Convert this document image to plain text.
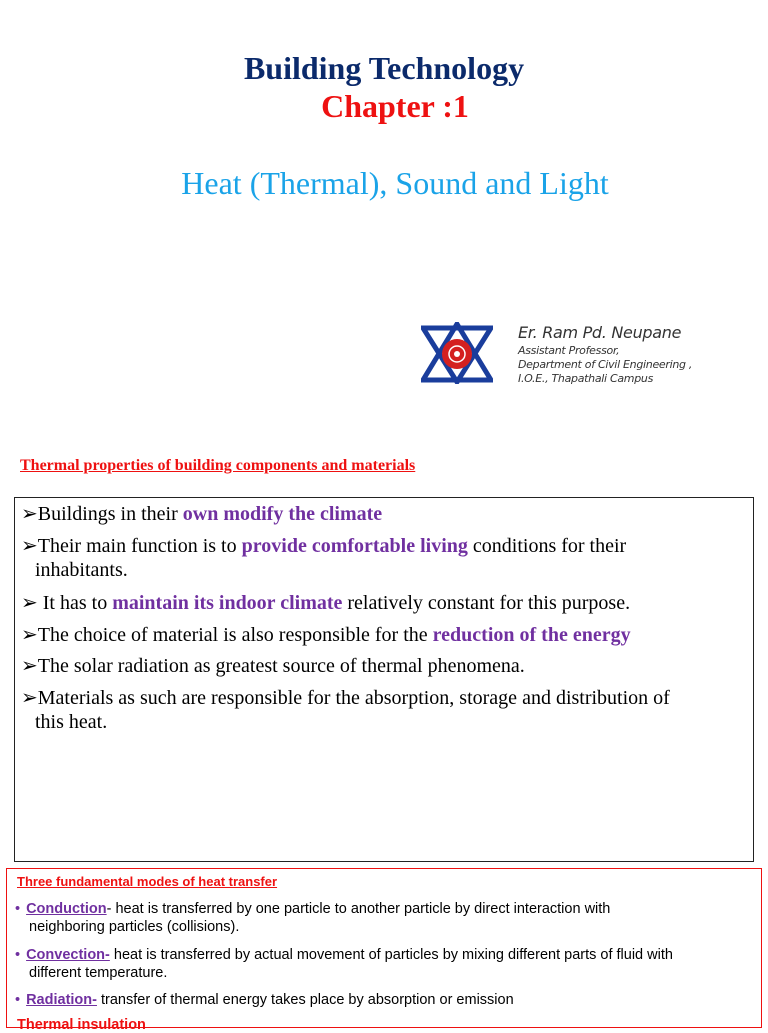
Building Technology
Chapter :1
Heat (Thermal), Sound and Light
Er. Ram Pd. Neupane
Assistant Professor,
Department of Civil Engineering ,
I.O.E., Thapathali Campus
Thermal properties of building components and materials
➢Buildings in their own modify the climate
➢Their main function is to provide comfortable living conditions for their
inhabitants.
➢ It has to maintain its indoor climate relatively constant for this purpose.
➢The choice of material is also responsible for the reduction of the energy
➢The solar radiation as greatest source of thermal phenomena.
➢Materials as such are responsible for the absorption, storage and distribution of
this heat.
Three fundamental modes of heat transfer
• Conduction- heat is transferred by one particle to another particle by direct interaction with
neighboring particles (collisions).
• Convection- heat is transferred by actual movement of particles by mixing different parts of fluid with
different temperature.
• Radiation- transfer of thermal energy takes place by absorption or emission
Thermal insulation
